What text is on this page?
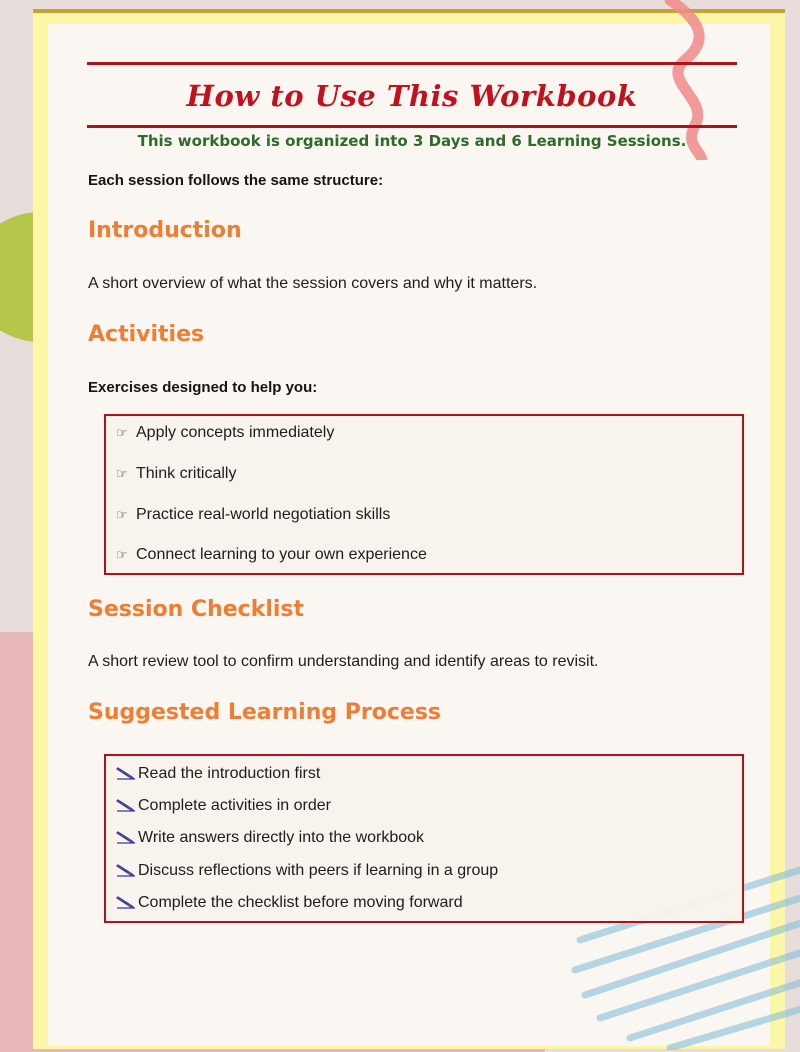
How to Use This Workbook
This workbook is organized into 3 Days and 6 Learning Sessions.
Each session follows the same structure:
Introduction
A short overview of what the session covers and why it matters.
Activities
Exercises designed to help you:
☞ Apply concepts immediately
☞ Think critically
☞ Practice real-world negotiation skills
☞ Connect learning to your own experience
Session Checklist
A short review tool to confirm understanding and identify areas to revisit.
Suggested Learning Process
Read the introduction first
Complete activities in order
Write answers directly into the workbook
Discuss reflections with peers if learning in a group
Complete the checklist before moving forward
